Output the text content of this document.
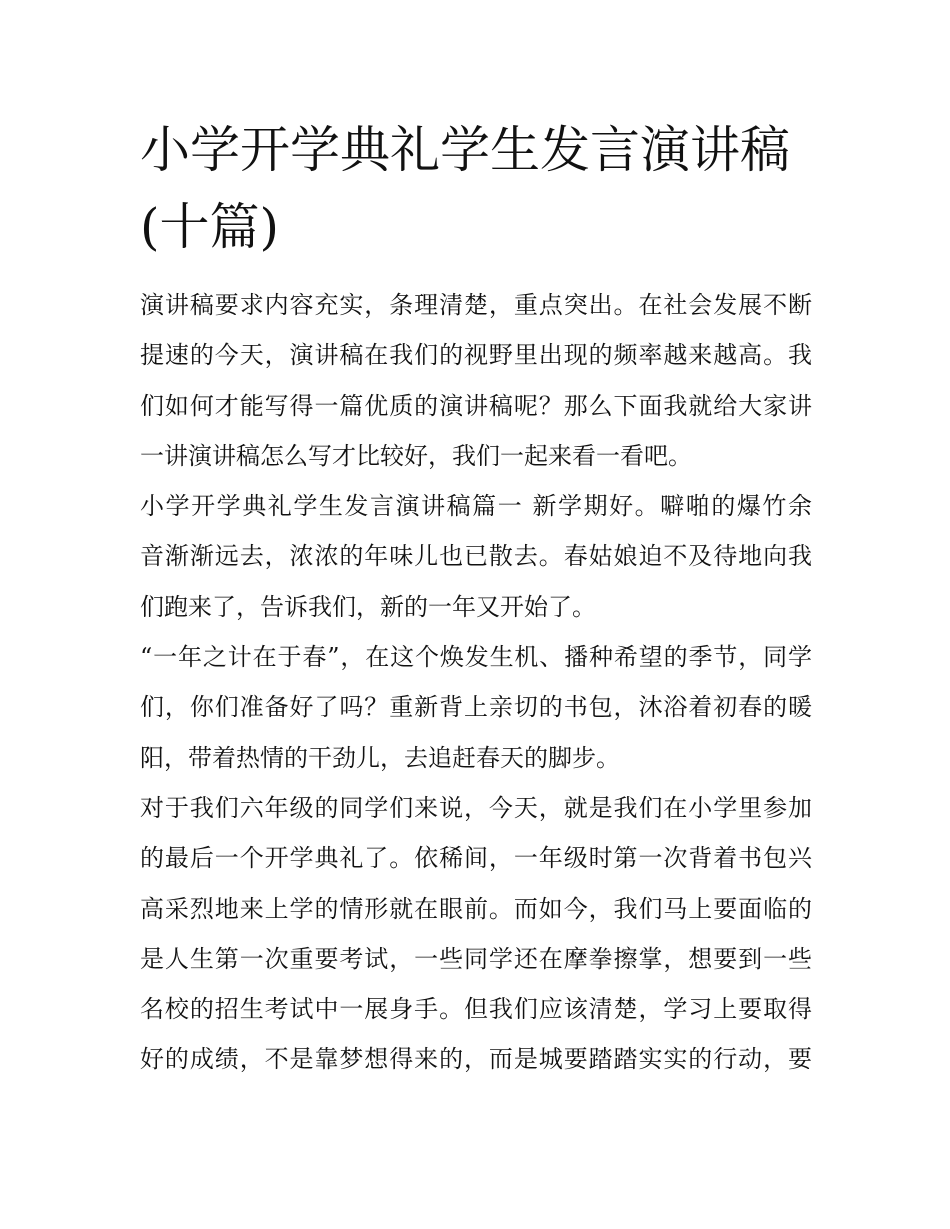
小学开学典礼学生发言演讲稿
(十篇)
演讲稿要求内容充实，条理清楚，重点突出。在社会发展不断
提速的今天，演讲稿在我们的视野里出现的频率越来越高。我
们如何才能写得一篇优质的演讲稿呢？那么下面我就给大家讲
一讲演讲稿怎么写才比较好，我们一起来看一看吧。
小学开学典礼学生发言演讲稿篇一 新学期好。噼啪的爆竹余
音渐渐远去，浓浓的年味儿也已散去。春姑娘迫不及待地向我
们跑来了，告诉我们，新的一年又开始了。
“一年之计在于春”，在这个焕发生机、播种希望的季节，同学
们，你们准备好了吗？重新背上亲切的书包，沐浴着初春的暖
阳，带着热情的干劲儿，去追赶春天的脚步。
对于我们六年级的同学们来说，今天，就是我们在小学里参加
的最后一个开学典礼了。依稀间，一年级时第一次背着书包兴
高采烈地来上学的情形就在眼前。而如今，我们马上要面临的
是人生第一次重要考试，一些同学还在摩拳擦掌，想要到一些
名校的招生考试中一展身手。但我们应该清楚，学习上要取得
好的成绩，不是靠梦想得来的，而是城要踏踏实实的行动，要
